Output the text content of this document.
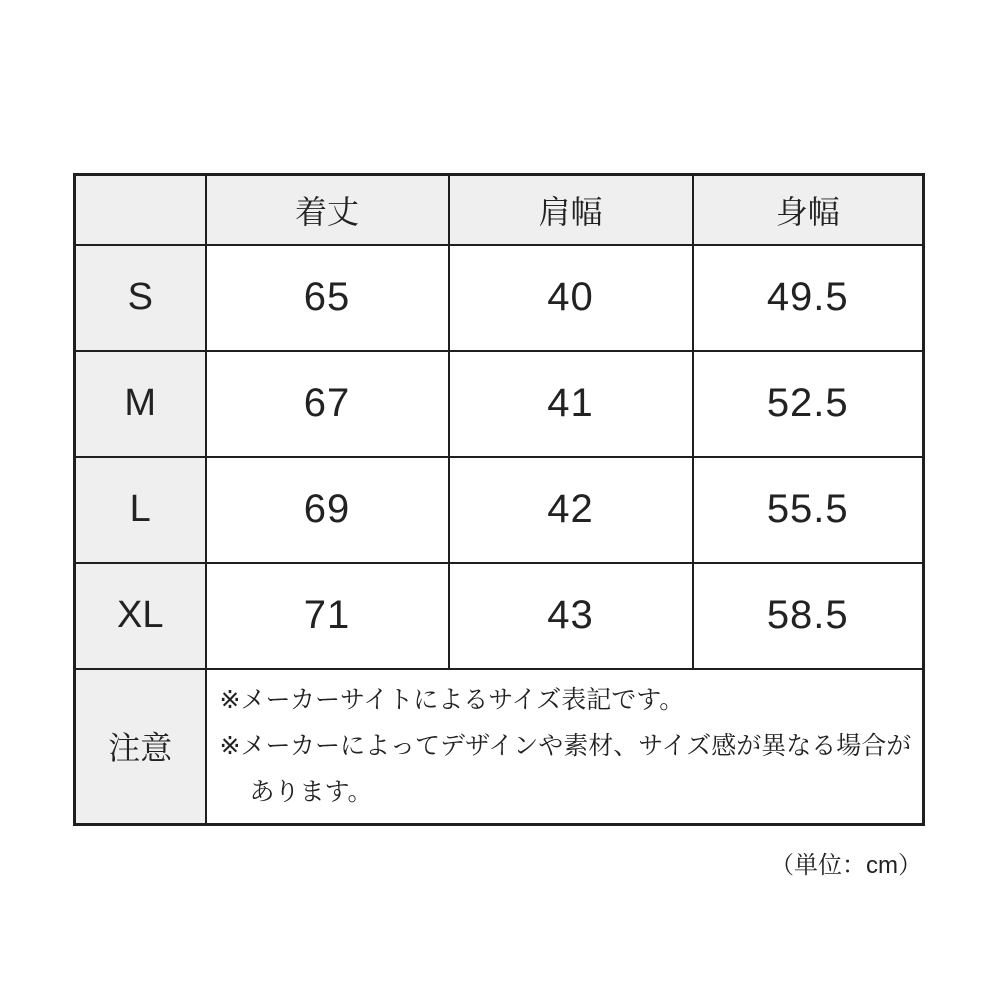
	着丈	肩幅	身幅
S	65	40	49.5
M	67	41	52.5
L	69	42	55.5
XL	71	43	58.5
注意	※メーカーサイトによるサイズ表記です。
※メーカーによってデザインや素材、サイズ感が異なる場合が
あります。		
（単位：cm）
